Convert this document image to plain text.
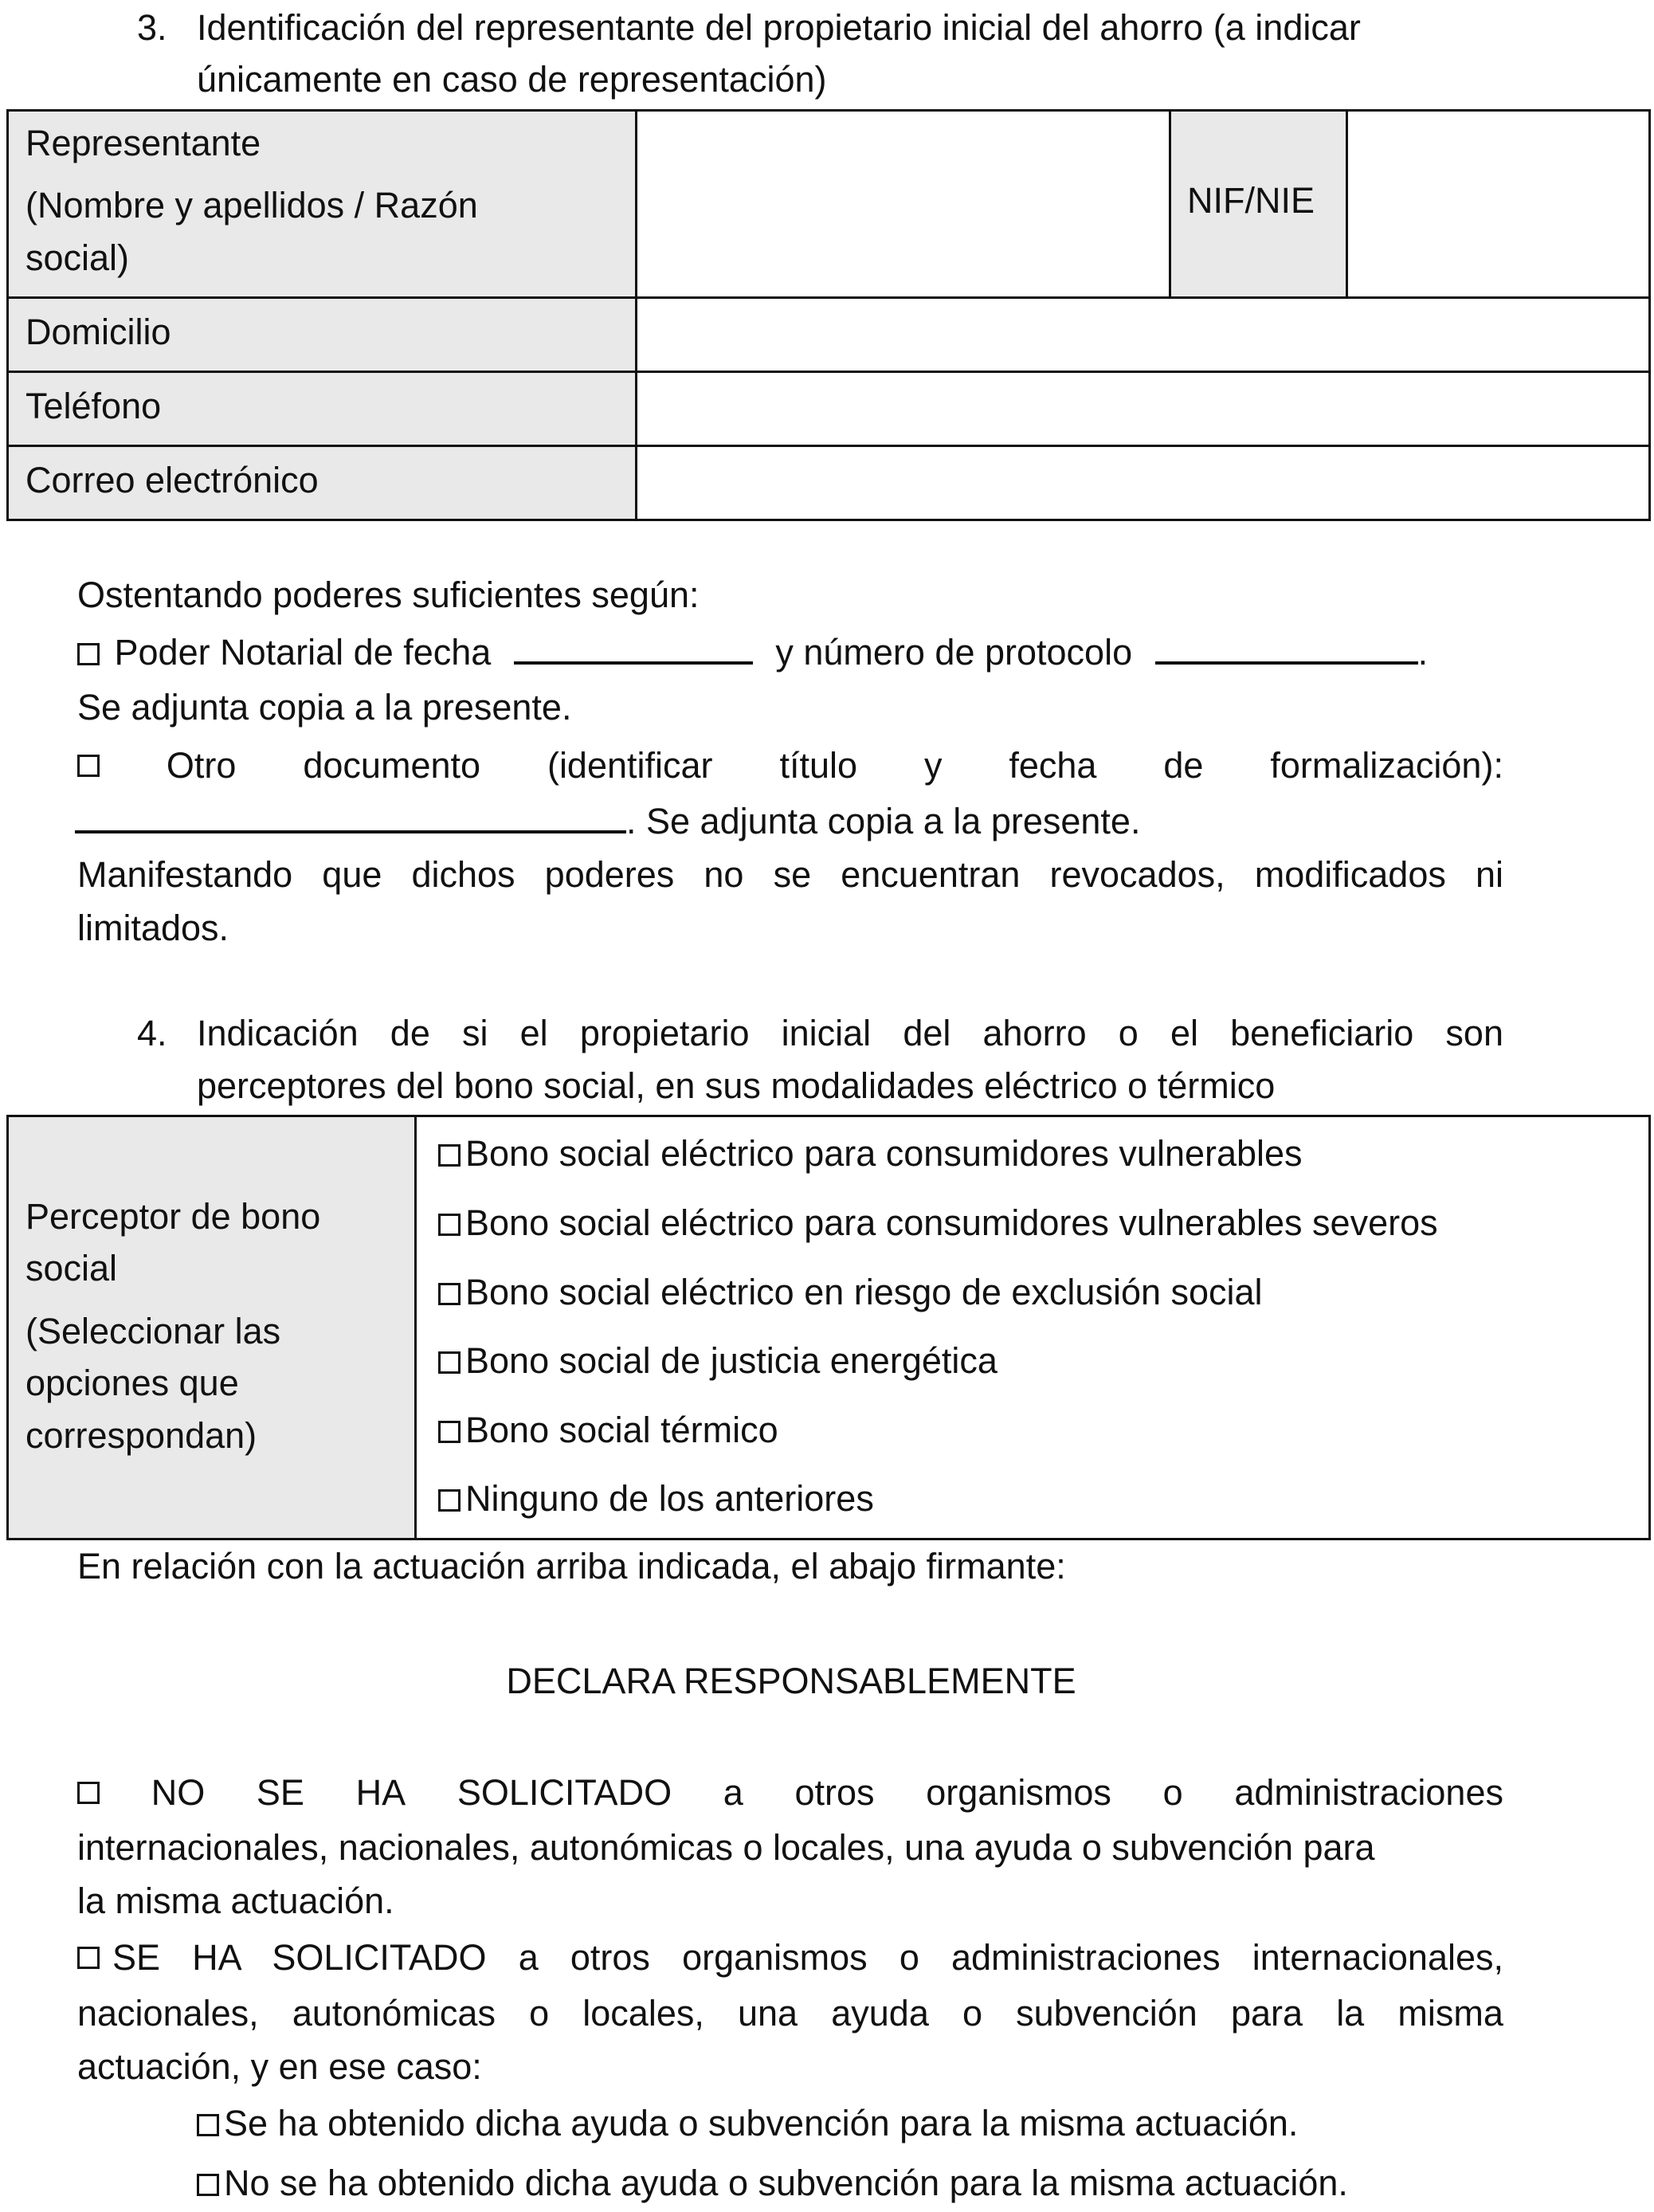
3. Identificación del representante del propietario inicial del ahorro (a indicar
únicamente en caso de representación)
Representante
(Nombre y apellidos / Razón
social)
NIF/NIE
Domicilio
Teléfono
Correo electrónico
Ostentando poderes suficientes según:
Poder Notarial de fecha	y número de protocolo	.
Se adjunta copia a la presente.
Otro documento (identificar título y fecha de formalización):
. Se adjunta copia a la presente.
Manifestando que dichos poderes no se encuentran revocados, modificados ni
limitados.
4. Indicación de si el propietario inicial del ahorro o el beneficiario son
perceptores del bono social, en sus modalidades eléctrico o térmico
Perceptor de bono
social
(Seleccionar las
opciones que
correspondan)
Bono social eléctrico para consumidores vulnerables
Bono social eléctrico para consumidores vulnerables severos
Bono social eléctrico en riesgo de exclusión social
Bono social de justicia energética
Bono social térmico
Ninguno de los anteriores
En relación con la actuación arriba indicada, el abajo firmante:
DECLARA RESPONSABLEMENTE
NO SE HA SOLICITADO a otros organismos o administraciones
internacionales, nacionales, autonómicas o locales, una ayuda o subvención para
la misma actuación.
SE HA SOLICITADO a otros organismos o administraciones internacionales,
nacionales, autonómicas o locales, una ayuda o subvención para la misma
actuación, y en ese caso:
Se ha obtenido dicha ayuda o subvención para la misma actuación.
No se ha obtenido dicha ayuda o subvención para la misma actuación.
